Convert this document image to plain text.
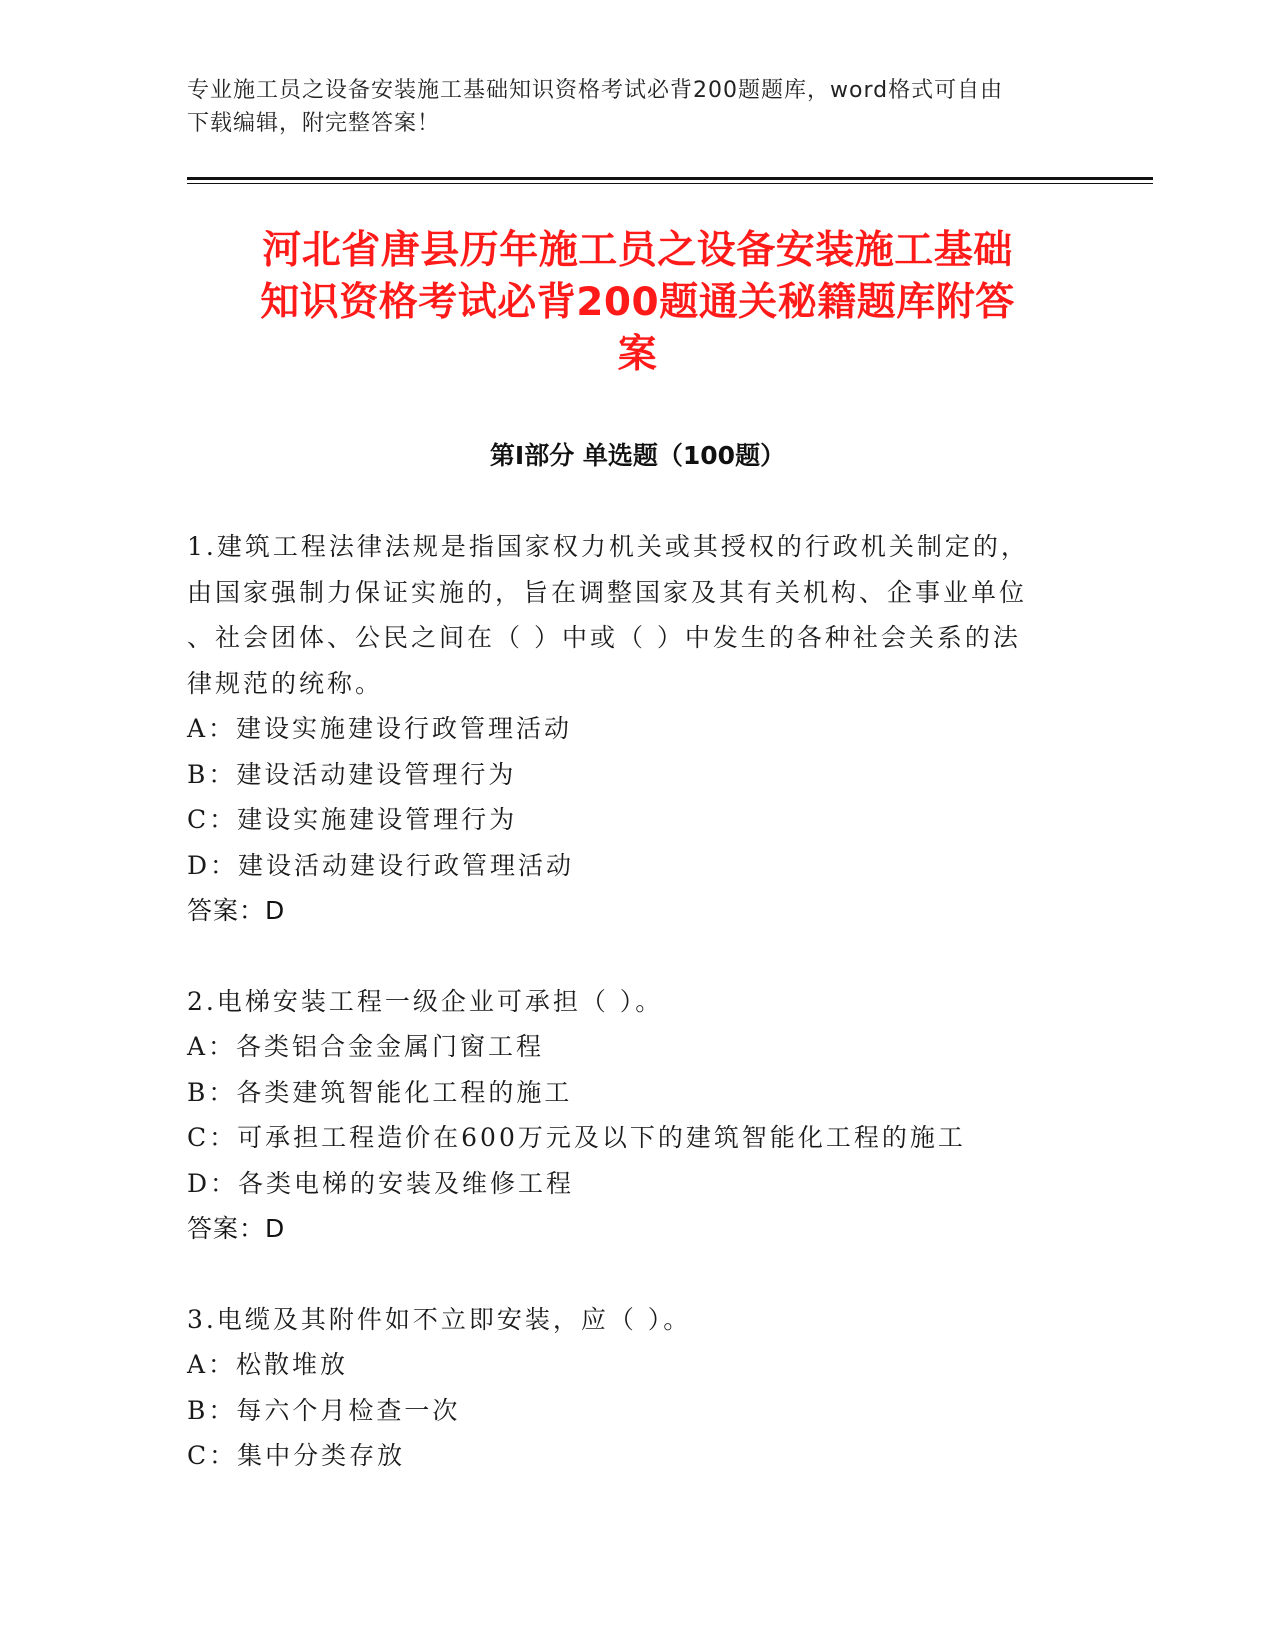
专业施工员之设备安装施工基础知识资格考试必背200题题库，word格式可自由
下载编辑，附完整答案！
河北省唐县历年施工员之设备安装施工基础
知识资格考试必背200题通关秘籍题库附答
案
第Ⅰ部分 单选题（100题）
1.建筑工程法律法规是指国家权力机关或其授权的行政机关制定的，
由国家强制力保证实施的，旨在调整国家及其有关机构、企事业单位
、社会团体、公民之间在（ ）中或（ ）中发生的各种社会关系的法
律规范的统称。
A：建设实施建设行政管理活动
B：建设活动建设管理行为
C：建设实施建设管理行为
D：建设活动建设行政管理活动
答案：D
2.电梯安装工程一级企业可承担（ ）。
A：各类铝合金金属门窗工程
B：各类建筑智能化工程的施工
C：可承担工程造价在600万元及以下的建筑智能化工程的施工
D：各类电梯的安装及维修工程
答案：D
3.电缆及其附件如不立即安装，应（ ）。
A：松散堆放
B：每六个月检查一次
C：集中分类存放
